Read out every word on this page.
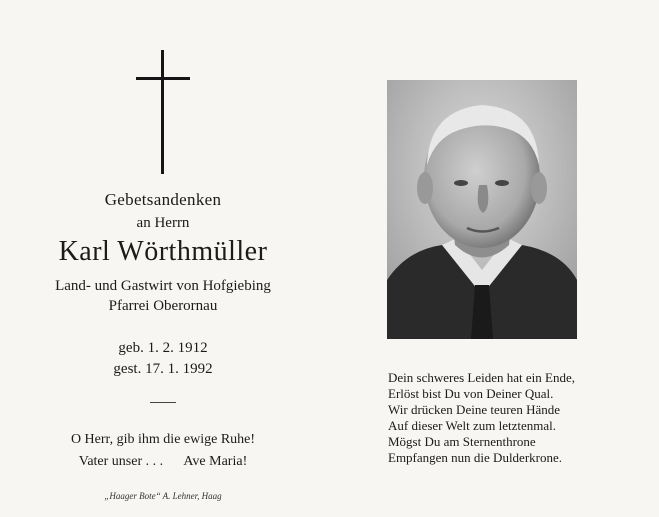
Gebetsandenken
an Herrn
Karl Wörthmüller
Land- und Gastwirt von Hofgiebing
Pfarrei Oberornau
geb. 1. 2. 1912
gest. 17. 1. 1992
O Herr, gib ihm die ewige Ruhe!
Vater unser . . .      Ave Maria!
„Haager Bote“ A. Lehner, Haag
Dein schweres Leiden hat ein Ende,
Erlöst bist Du von Deiner Qual.
Wir drücken Deine teuren Hände
Auf dieser Welt zum letztenmal.
Mögst Du am Sternenthrone
Empfangen nun die Dulderkrone.
